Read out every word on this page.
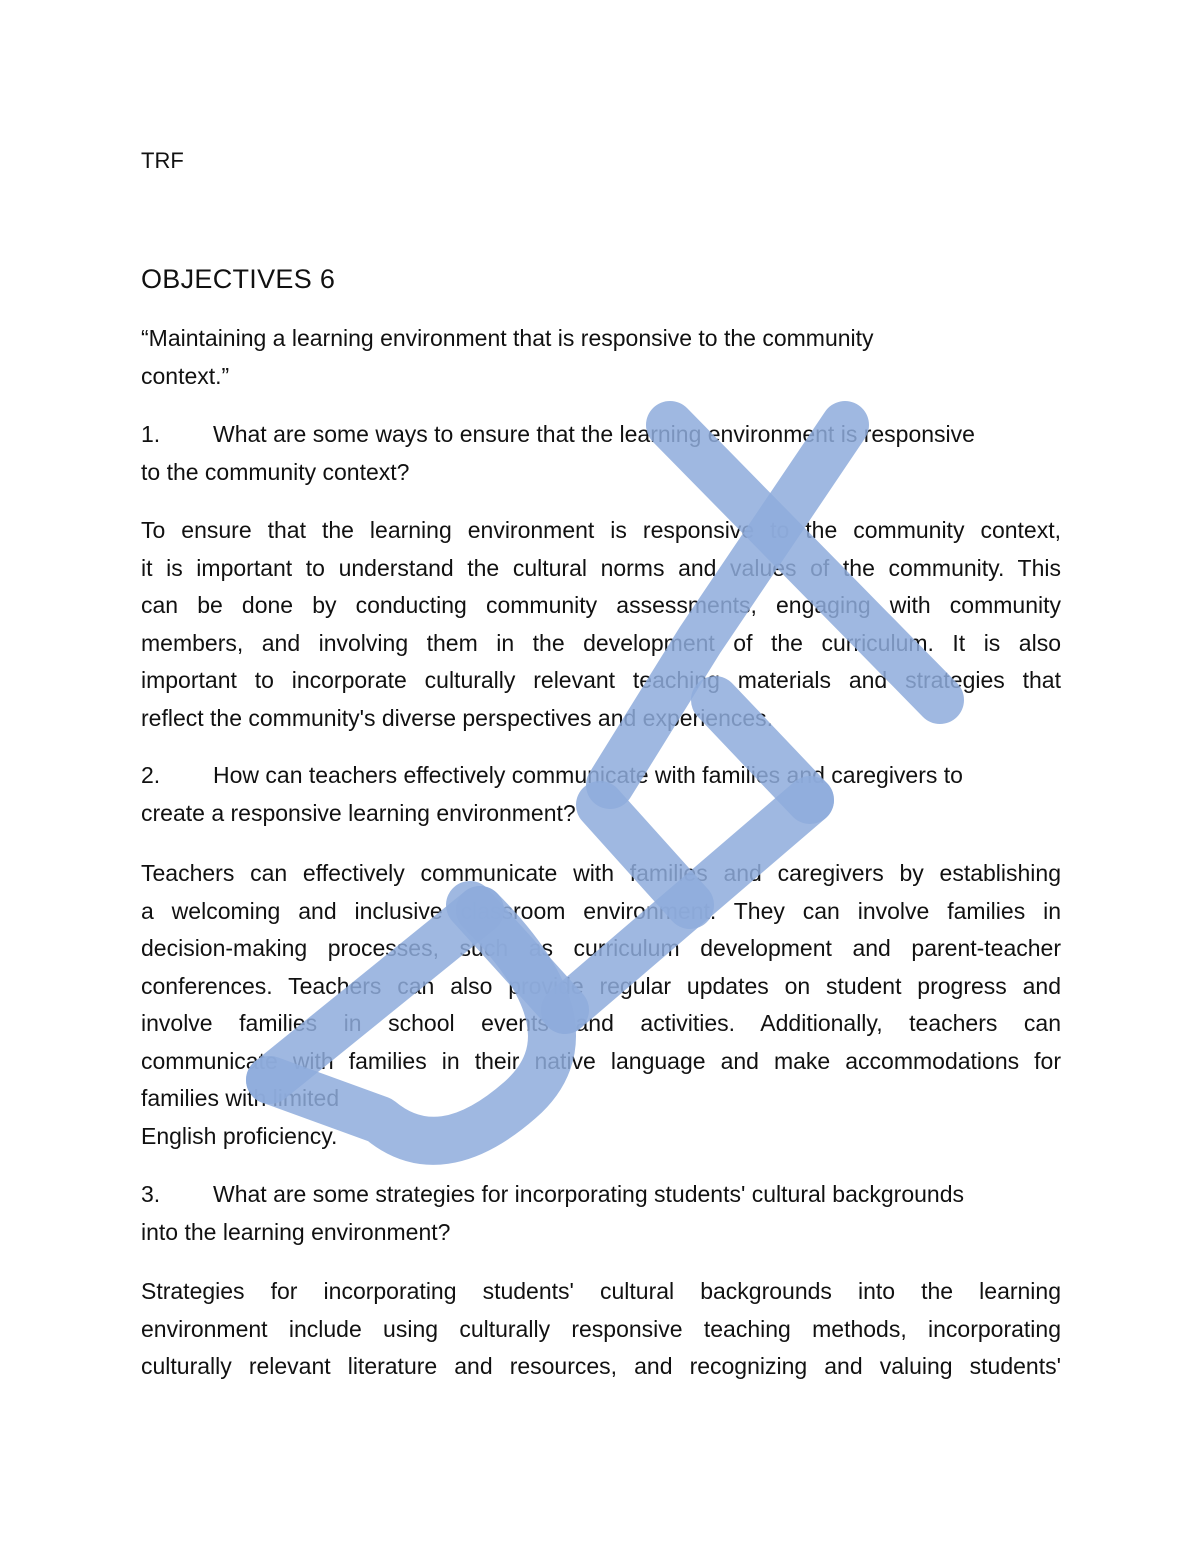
TRF

OBJECTIVES 6

“Maintaining a learning environment that is responsive to the community
context.”

1. What are some ways to ensure that the learning environment is responsive
to the community context?

To ensure that the learning environment is responsive to the community context,
it is important to understand the cultural norms and values of the community. This
can be done by conducting community assessments, engaging with community
members, and involving them in the development of the curriculum. It is also
important to incorporate culturally relevant teaching materials and strategies that
reflect the community's diverse perspectives and experiences.

2. How can teachers effectively communicate with families and caregivers to
create a responsive learning environment?

Teachers can effectively communicate with families and caregivers by establishing
a welcoming and inclusive classroom environment. They can involve families in
decision-making processes, such as curriculum development and parent-teacher
conferences. Teachers can also provide regular updates on student progress and
involve families in school events and activities. Additionally, teachers can
communicate with families in their native language and make accommodations for
families with limited
English proficiency.

3. What are some strategies for incorporating students' cultural backgrounds
into the learning environment?

Strategies for incorporating students' cultural backgrounds into the learning
environment include using culturally responsive teaching methods, incorporating
culturally relevant literature and resources, and recognizing and valuing students'
